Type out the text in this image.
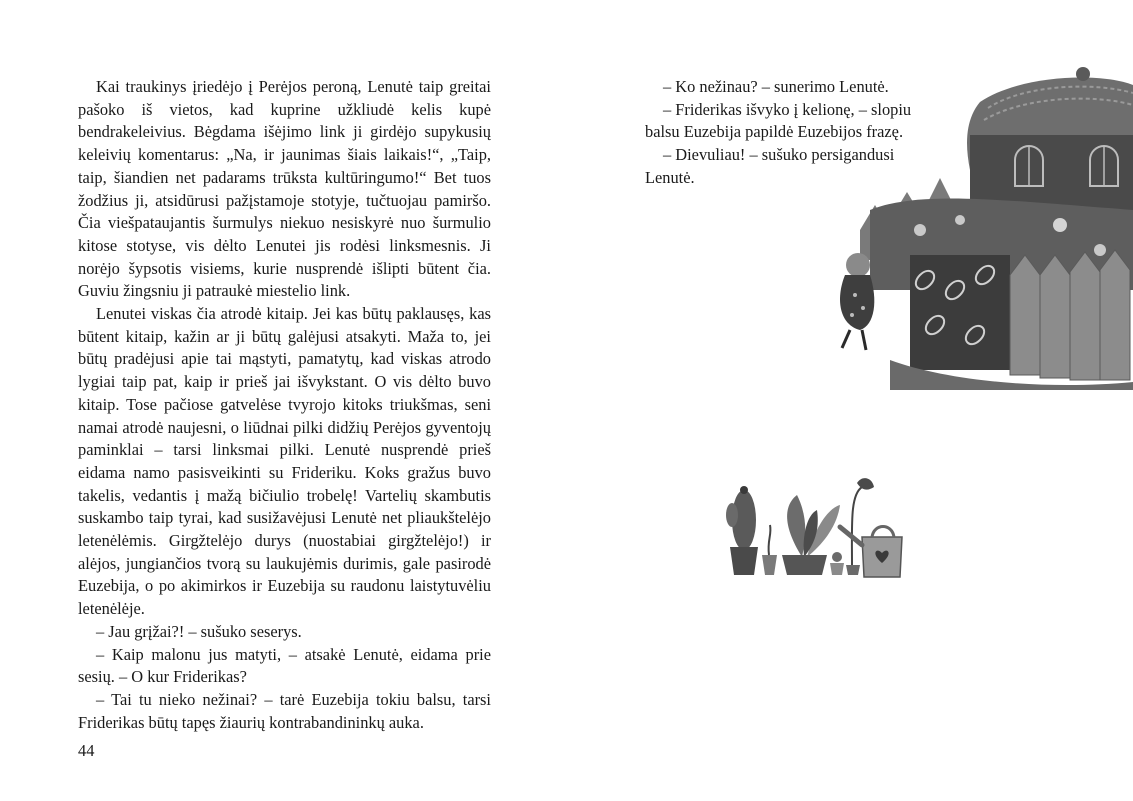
Kai traukinys įriedėjo į Perėjos peroną, Lenutė taip greitai pašoko iš vietos, kad kuprine užkliudė kelis kupė bendrakeleivius. Bėgdama išėjimo link ji girdėjo supykusių keleivių komentarus: „Na, ir jaunimas šiais laikais!“, „Taip, taip, šiandien net padarams trūksta kultūringumo!“ Bet tuos žodžius ji, atsidūrusi pažįstamoje stotyje, tučtuojau pamiršo. Čia viešpataujantis šurmulys niekuo nesiskyrė nuo šurmulio kitose stotyse, vis dėlto Lenutei jis rodėsi linksmesnis. Ji norėjo šypsotis visiems, kurie nusprendė išlipti būtent čia. Guviu žingsniu ji patraukė miestelio link.

Lenutei viskas čia atrodė kitaip. Jei kas būtų paklausęs, kas būtent kitaip, kažin ar ji būtų galėjusi atsakyti. Maža to, jei būtų pradėjusi apie tai mąstyti, pamatytų, kad viskas atrodo lygiai taip pat, kaip ir prieš jai išvykstant. O vis dėlto buvo kitaip. Tose pačiose gatvelėse tvyrojo kitoks triukšmas, seni namai atrodė naujesni, o liūdnai pilki didžių Perėjos gyventojų paminklai – tarsi linksmai pilki. Lenutė nusprendė prieš eidama namo pasisveikinti su Frideriku. Koks gražus buvo takelis, vedantis į mažą bičiulio trobelę! Vartelių skambutis suskambo taip tyrai, kad susižavėjusi Lenutė net pliaukštelėjo letenėlėmis. Girgžtelėjo durys (nuostabiai girgžtelėjo!) ir alėjos, jungiančios tvorą su laukujėmis durimis, gale pasirodė Euzebija, o po akimirkos ir Euzebija su raudonu laistytuvėliu letenėlėje.

– Jau grįžai?! – sušuko seserys.

– Kaip malonu jus matyti, – atsakė Lenutė, eidama prie sesių. – O kur Friderikas?

– Tai tu nieko nežinai? – tarė Euzebija tokiu balsu, tarsi Friderikas būtų tapęs žiaurių kontrabandininkų auka.

44

– Ko nežinau? – sunerimo Lenutė.

– Friderikas išvyko į kelionę, – slopiu balsu Euzebija papildė Euzebijos frazę.

– Dievuliau! – sušuko persigandusi Lenutė.
